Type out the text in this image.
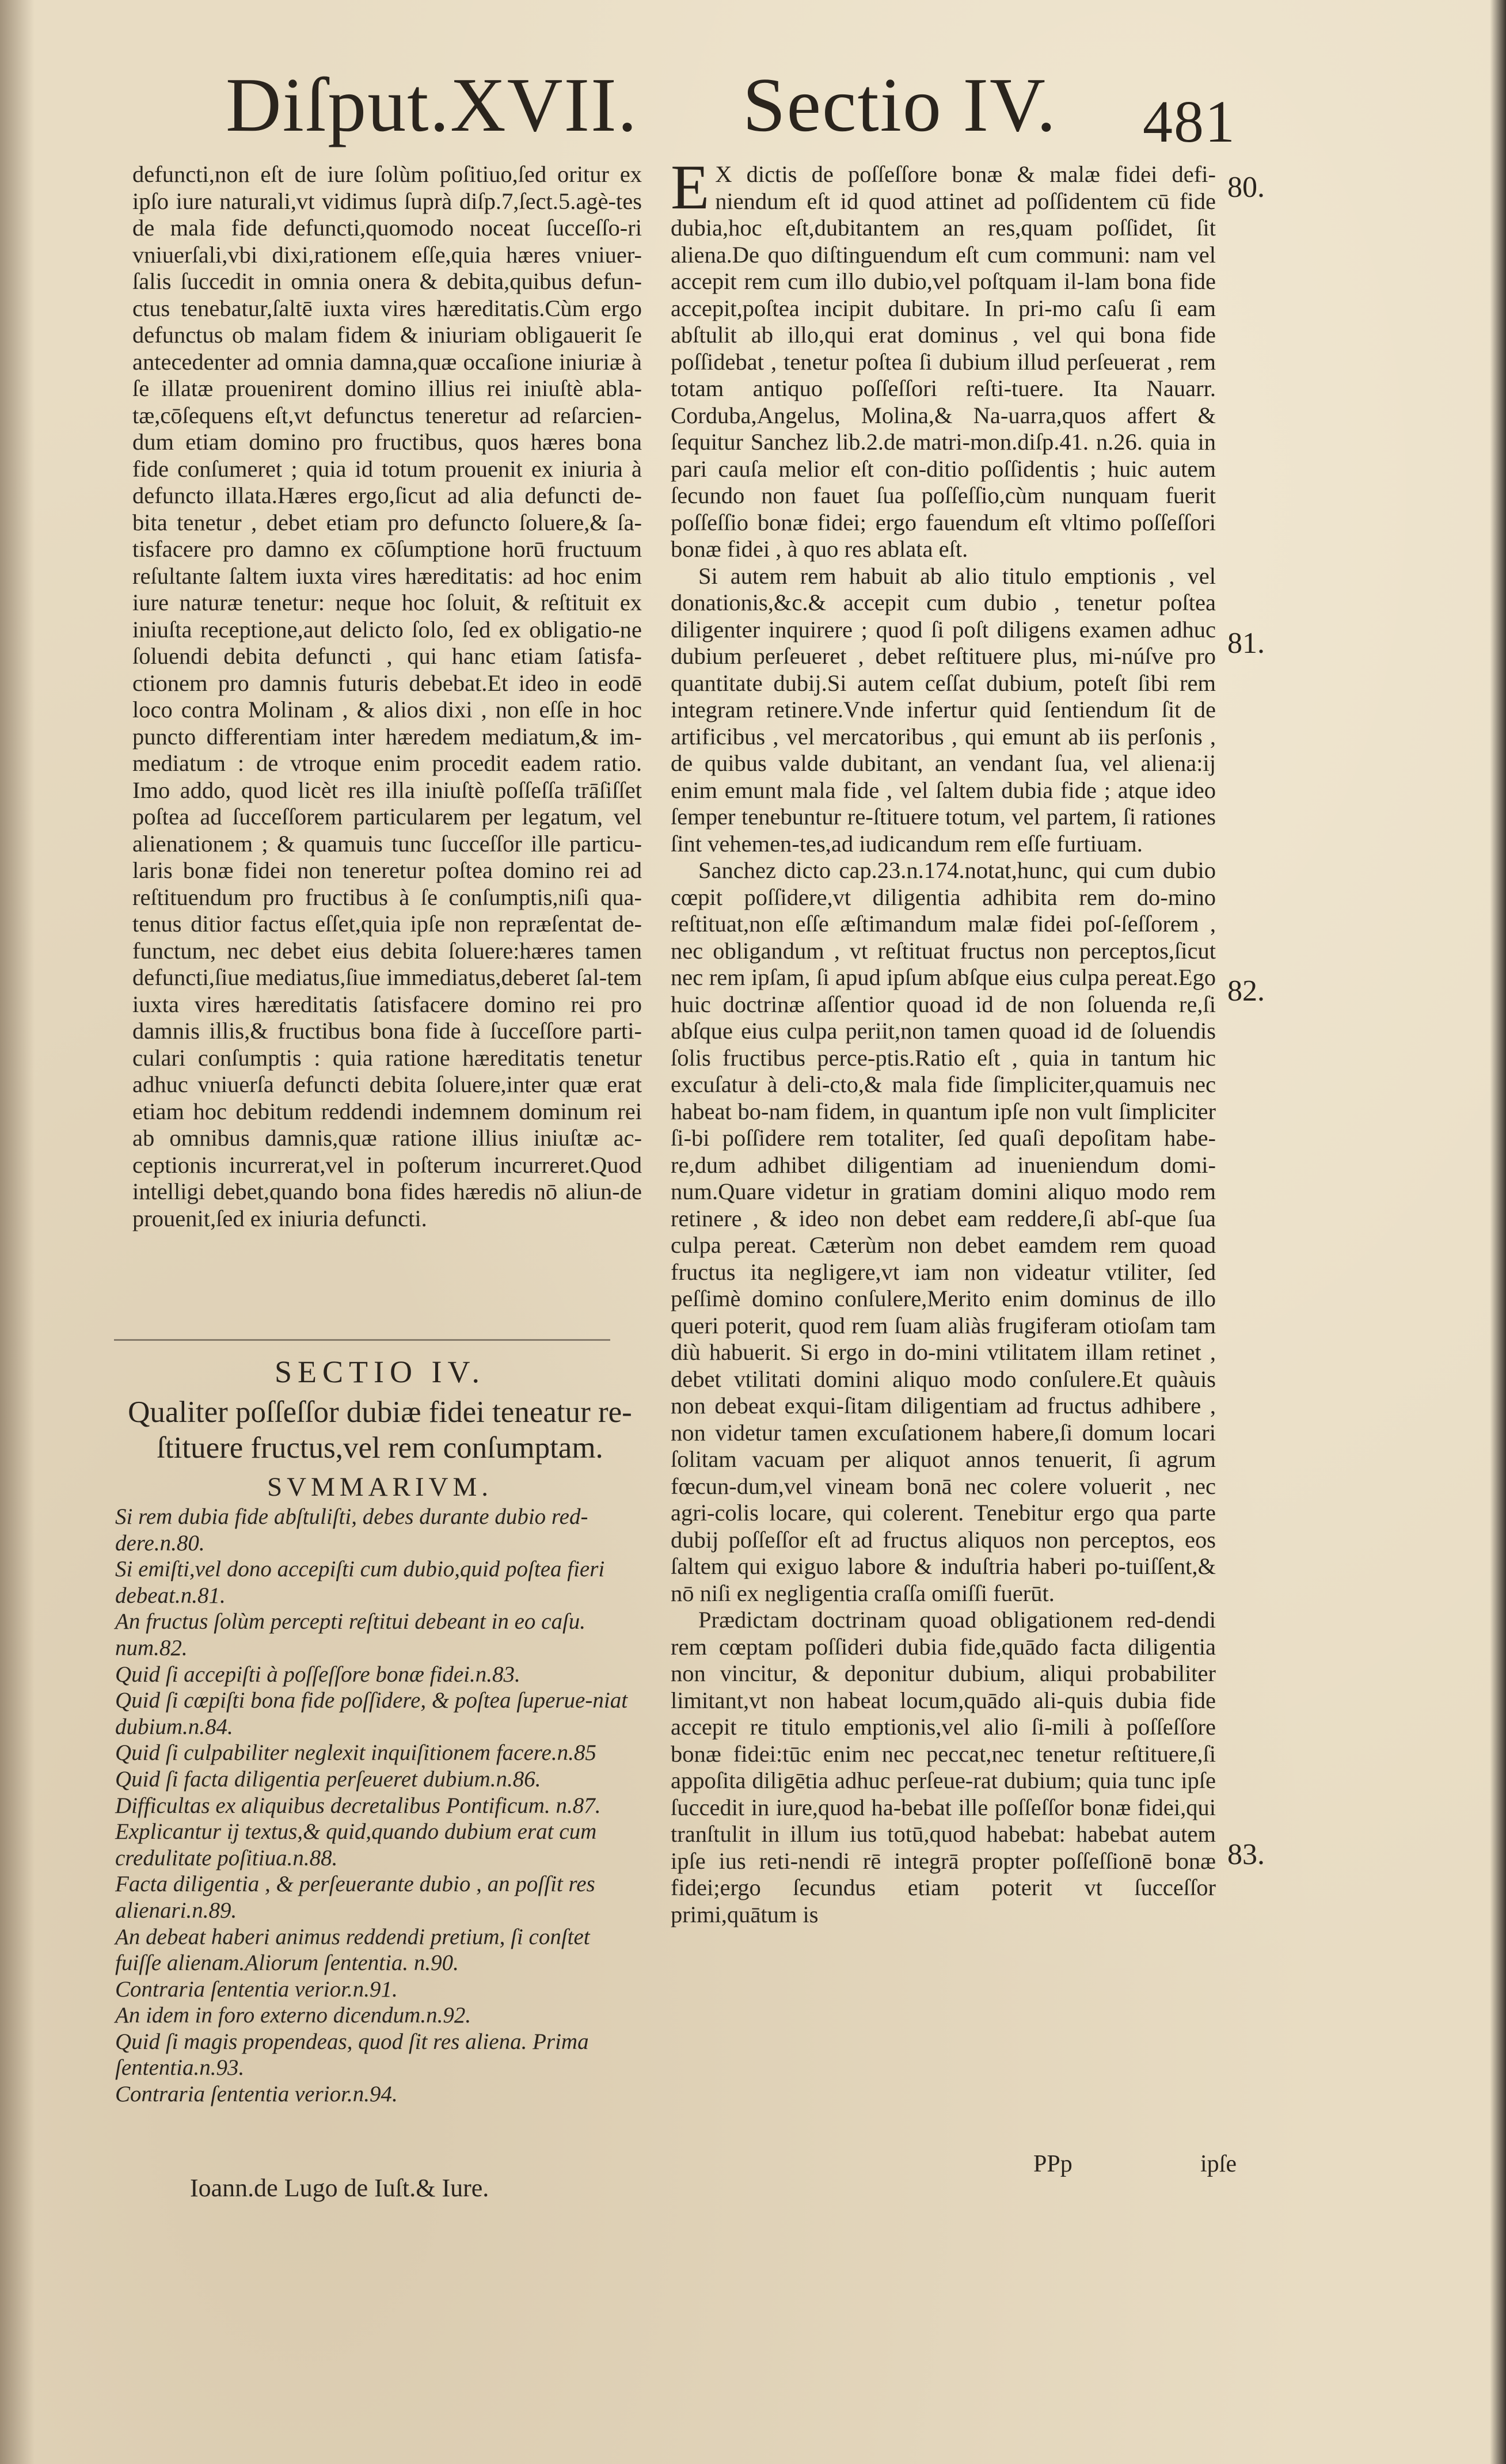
Diſput.XVII. Sectio IV. 481

defuncti,non eſt de iure ſolùm poſitiuo,ſed oritur ex ipſo iure naturali,vt vidimus ſuprà diſp.7,ſect.5.agè-tes de mala fide defuncti,quomodo noceat ſucceſſo-ri vniuerſali,vbi dixi,rationem eſſe,quia hæres vniuer-ſalis ſuccedit in omnia onera & debita,quibus defun-ctus tenebatur,ſaltē iuxta vires hæreditatis.Cùm ergo defunctus ob malam fidem & iniuriam obligauerit ſe antecedenter ad omnia damna,quæ occaſione iniuriæ à ſe illatæ prouenirent domino illius rei iniuſtè abla-tæ,cōſequens eſt,vt defunctus teneretur ad reſarcien-dum etiam domino pro fructibus, quos hæres bona fide conſumeret ; quia id totum prouenit ex iniuria à defuncto illata.Hæres ergo,ſicut ad alia defuncti de-bita tenetur , debet etiam pro defuncto ſoluere,& ſa-tisfacere pro damno ex cōſumptione horū fructuum reſultante ſaltem iuxta vires hæreditatis: ad hoc enim iure naturæ tenetur: neque hoc ſoluit, & reſtituit ex iniuſta receptione,aut delicto ſolo, ſed ex obligatio-ne ſoluendi debita defuncti , qui hanc etiam ſatisfa-ctionem pro damnis futuris debebat.Et ideo in eodē loco contra Molinam , & alios dixi , non eſſe in hoc puncto differentiam inter hæredem mediatum,& im-mediatum : de vtroque enim procedit eadem ratio. Imo addo, quod licèt res illa iniuſtè poſſeſſa trāſiſſet poſtea ad ſucceſſorem particularem per legatum, vel alienationem ; & quamuis tunc ſucceſſor ille particu-laris bonæ fidei non teneretur poſtea domino rei ad reſtituendum pro fructibus à ſe conſumptis,niſi qua-tenus ditior factus eſſet,quia ipſe non repræſentat de-functum, nec debet eius debita ſoluere:hæres tamen defuncti,ſiue mediatus,ſiue immediatus,deberet ſal-tem iuxta vires hæreditatis ſatisfacere domino rei pro damnis illis,& fructibus bona fide à ſucceſſore parti-culari conſumptis : quia ratione hæreditatis tenetur adhuc vniuerſa defuncti debita ſoluere,inter quæ erat etiam hoc debitum reddendi indemnem dominum rei ab omnibus damnis,quæ ratione illius iniuſtæ ac-ceptionis incurrerat,vel in poſterum incurreret.Quod intelligi debet,quando bona fides hæredis nō aliun-de prouenit,ſed ex iniuria defuncti.

SECTIO IV.
Qualiter poſſeſſor dubiæ fidei teneatur re-ſtituere fructus,vel rem conſumptam.
SVMMARIVM.
Si rem dubia fide abſtuliſti, debes durante dubio red-dere.n.80.
Si emiſti,vel dono accepiſti cum dubio,quid poſtea fieri debeat.n.81.
An fructus ſolùm percepti reſtitui debeant in eo caſu. num.82.
Quid ſi accepiſti à poſſeſſore bonæ fidei.n.83.
Quid ſi cœpiſti bona fide poſſidere, & poſtea ſuperue-niat dubium.n.84.
Quid ſi culpabiliter neglexit inquiſitionem facere.n.85
Quid ſi facta diligentia perſeueret dubium.n.86.
Difficultas ex aliquibus decretalibus Pontificum. n.87.
Explicantur ij textus,& quid,quando dubium erat cum credulitate poſitiua.n.88.
Facta diligentia , & perſeuerante dubio , an poſſit res alienari.n.89.
An debeat haberi animus reddendi pretium, ſi conſtet fuiſſe alienam.Aliorum ſententia. n.90.
Contraria ſententia verior.n.91.
An idem in foro externo dicendum.n.92.
Quid ſi magis propendeas, quod ſit res aliena. Prima ſententia.n.93.
Contraria ſententia verior.n.94.
Ioann.de Lugo de Iuſt.& Iure.

E X dictis de poſſeſſore bonæ & malæ fidei defi-niendum eſt id quod attinet ad poſſidentem cū fide dubia,hoc eſt,dubitantem an res,quam poſſidet, ſit aliena.De quo diſtinguendum eſt cum communi: nam vel accepit rem cum illo dubio,vel poſtquam il-lam bona fide accepit,poſtea incipit dubitare. In pri-mo caſu ſi eam abſtulit ab illo,qui erat dominus , vel qui bona fide poſſidebat , tenetur poſtea ſi dubium illud perſeuerat , rem totam antiquo poſſeſſori reſti-tuere. Ita Nauarr. Corduba,Angelus, Molina,& Na-uarra,quos affert & ſequitur Sanchez lib.2.de matri-mon.diſp.41. n.26. quia in pari cauſa melior eſt con-ditio poſſidentis ; huic autem ſecundo non fauet ſua poſſeſſio,cùm nunquam fuerit poſſeſſio bonæ fidei; ergo fauendum eſt vltimo poſſeſſori bonæ fidei , à quo res ablata eſt.

Si autem rem habuit ab alio titulo emptionis , vel donationis,&c.& accepit cum dubio , tenetur poſtea diligenter inquirere ; quod ſi poſt diligens examen adhuc dubium perſeueret , debet reſtituere plus, mi-núſve pro quantitate dubij.Si autem ceſſat dubium, poteſt ſibi rem integram retinere.Vnde infertur quid ſentiendum ſit de artificibus , vel mercatoribus , qui emunt ab iis perſonis , de quibus valde dubitant, an vendant ſua, vel aliena:ij enim emunt mala fide , vel ſaltem dubia fide ; atque ideo ſemper tenebuntur re-ſtituere totum, vel partem, ſi rationes ſint vehemen-tes,ad iudicandum rem eſſe furtiuam.

Sanchez dicto cap.23.n.174.notat,hunc, qui cum dubio cœpit poſſidere,vt diligentia adhibita rem do-mino reſtituat,non eſſe æſtimandum malæ fidei poſ-ſeſſorem , nec obligandum , vt reſtituat fructus non perceptos,ſicut nec rem ipſam, ſi apud ipſum abſque eius culpa pereat.Ego huic doctrinæ aſſentior quoad id de non ſoluenda re,ſi abſque eius culpa periit,non tamen quoad id de ſoluendis ſolis fructibus perce-ptis.Ratio eſt , quia in tantum hic excuſatur à deli-cto,& mala fide ſimpliciter,quamuis nec habeat bo-nam fidem, in quantum ipſe non vult ſimpliciter ſi-bi poſſidere rem totaliter, ſed quaſi depoſitam habe-re,dum adhibet diligentiam ad inueniendum domi-num.Quare videtur in gratiam domini aliquo modo rem retinere , & ideo non debet eam reddere,ſi abſ-que ſua culpa pereat. Cæterùm non debet eamdem rem quoad fructus ita negligere,vt iam non videatur vtiliter, ſed peſſimè domino conſulere,Merito enim dominus de illo queri poterit, quod rem ſuam aliàs frugiferam otioſam tam diù habuerit. Si ergo in do-mini vtilitatem illam retinet , debet vtilitati domini aliquo modo conſulere.Et quàuis non debeat exqui-ſitam diligentiam ad fructus adhibere , non videtur tamen excuſationem habere,ſi domum locari ſolitam vacuam per aliquot annos tenuerit, ſi agrum fœcun-dum,vel vineam bonā nec colere voluerit , nec agri-colis locare, qui colerent. Tenebitur ergo qua parte dubij poſſeſſor eſt ad fructus aliquos non perceptos, eos ſaltem qui exiguo labore & induſtria haberi po-tuiſſent,& nō niſi ex negligentia craſſa omiſſi fuerūt.

Prædictam doctrinam quoad obligationem red-dendi rem cœptam poſſideri dubia fide,quādo facta diligentia non vincitur, & deponitur dubium, aliqui probabiliter limitant,vt non habeat locum,quādo ali-quis dubia fide accepit re titulo emptionis,vel alio ſi-mili à poſſeſſore bonæ fidei:tūc enim nec peccat,nec tenetur reſtituere,ſi appoſita diligētia adhuc perſeue-rat dubium; quia tunc ipſe ſuccedit in iure,quod ha-bebat ille poſſeſſor bonæ fidei,qui tranſtulit in illum ius totū,quod habebat: habebat autem ipſe ius reti-nendi rē integrā propter poſſeſſionē bonæ fidei;ergo ſecundus etiam poterit vt ſucceſſor primi,quātum is

80.
81.
82.
83.
PPp	ipſe
